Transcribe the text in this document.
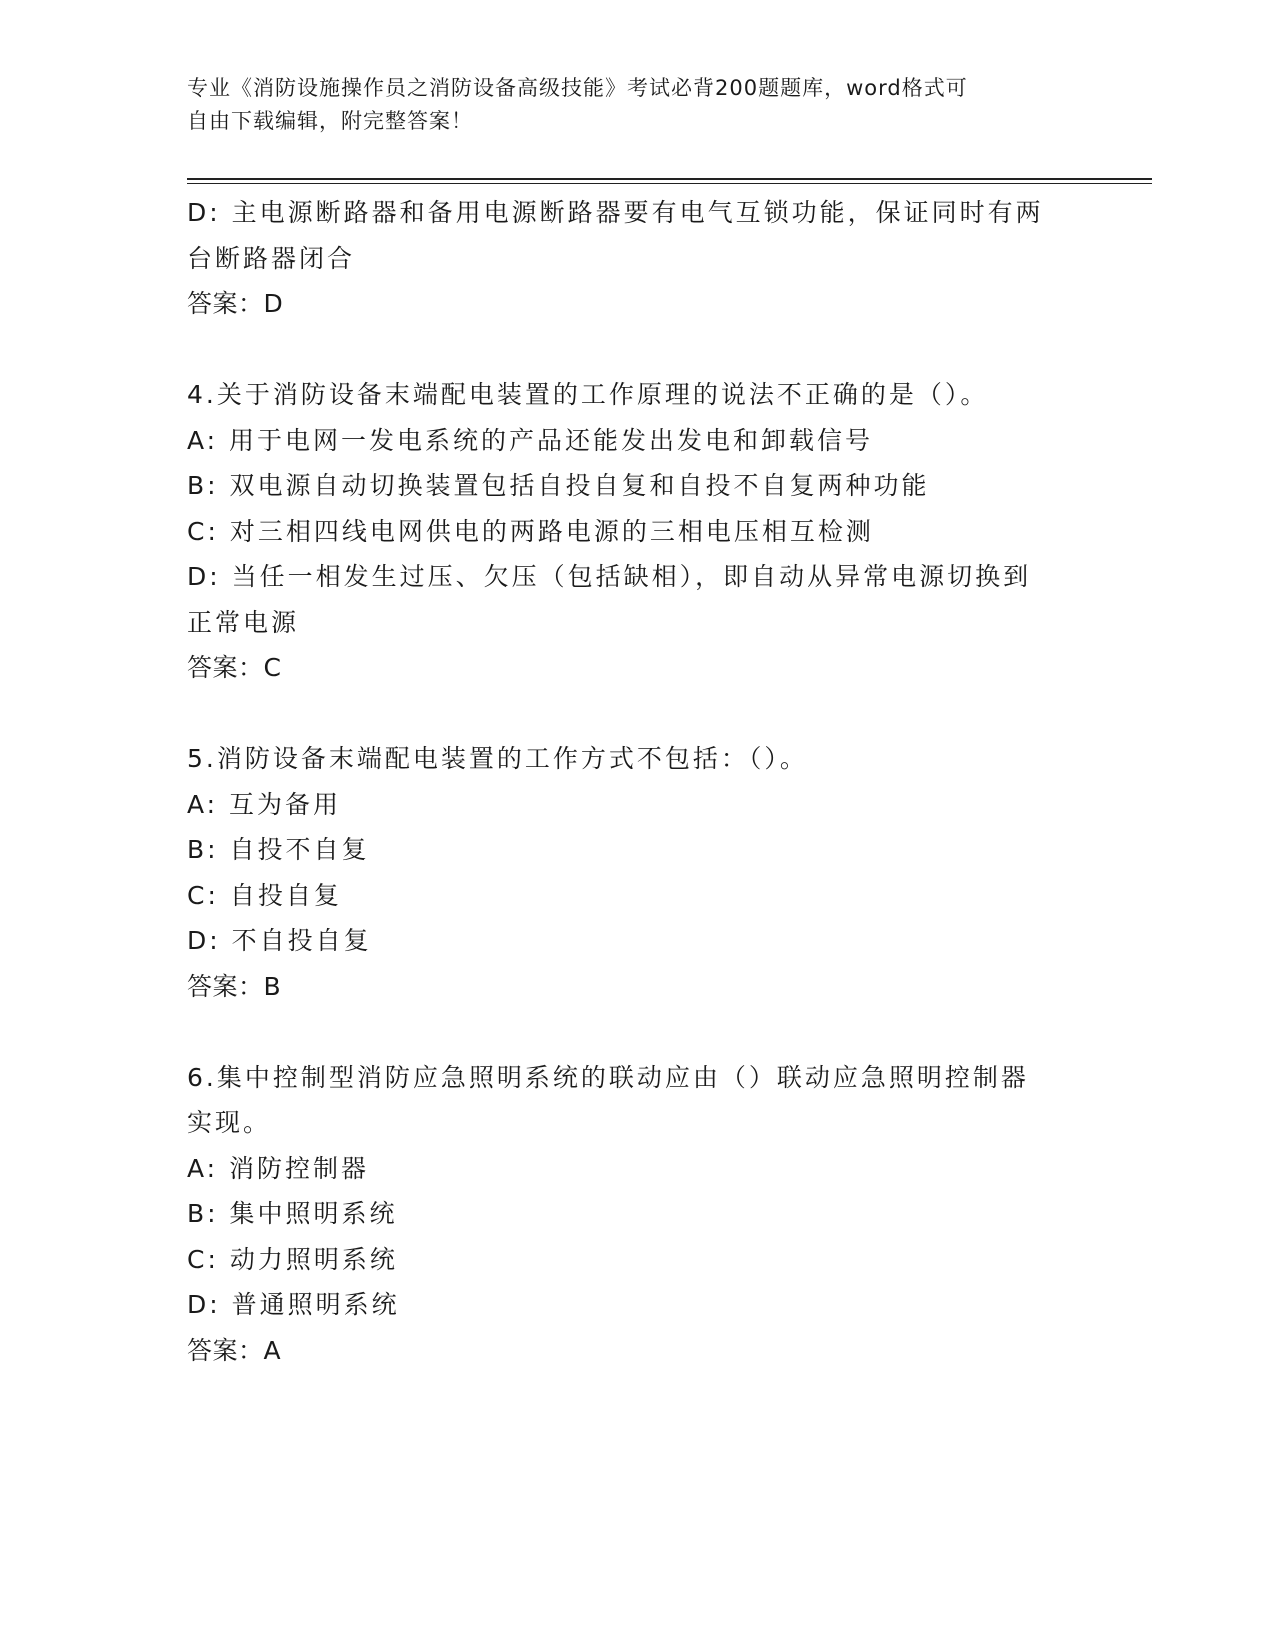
专业《消防设施操作员之消防设备高级技能》考试必背200题题库，word格式可
自由下载编辑，附完整答案！
D: 主电源断路器和备用电源断路器要有电气互锁功能，保证同时有两
台断路器闭合
答案：D
4.关于消防设备末端配电装置的工作原理的说法不正确的是（）。
A: 用于电网一发电系统的产品还能发出发电和卸载信号
B: 双电源自动切换装置包括自投自复和自投不自复两种功能
C: 对三相四线电网供电的两路电源的三相电压相互检测
D: 当任一相发生过压、欠压（包括缺相），即自动从异常电源切换到
正常电源
答案：C
5.消防设备末端配电装置的工作方式不包括：（）。
A: 互为备用
B: 自投不自复
C: 自投自复
D: 不自投自复
答案：B
6.集中控制型消防应急照明系统的联动应由（）联动应急照明控制器
实现。
A: 消防控制器
B: 集中照明系统
C: 动力照明系统
D: 普通照明系统
答案：A
